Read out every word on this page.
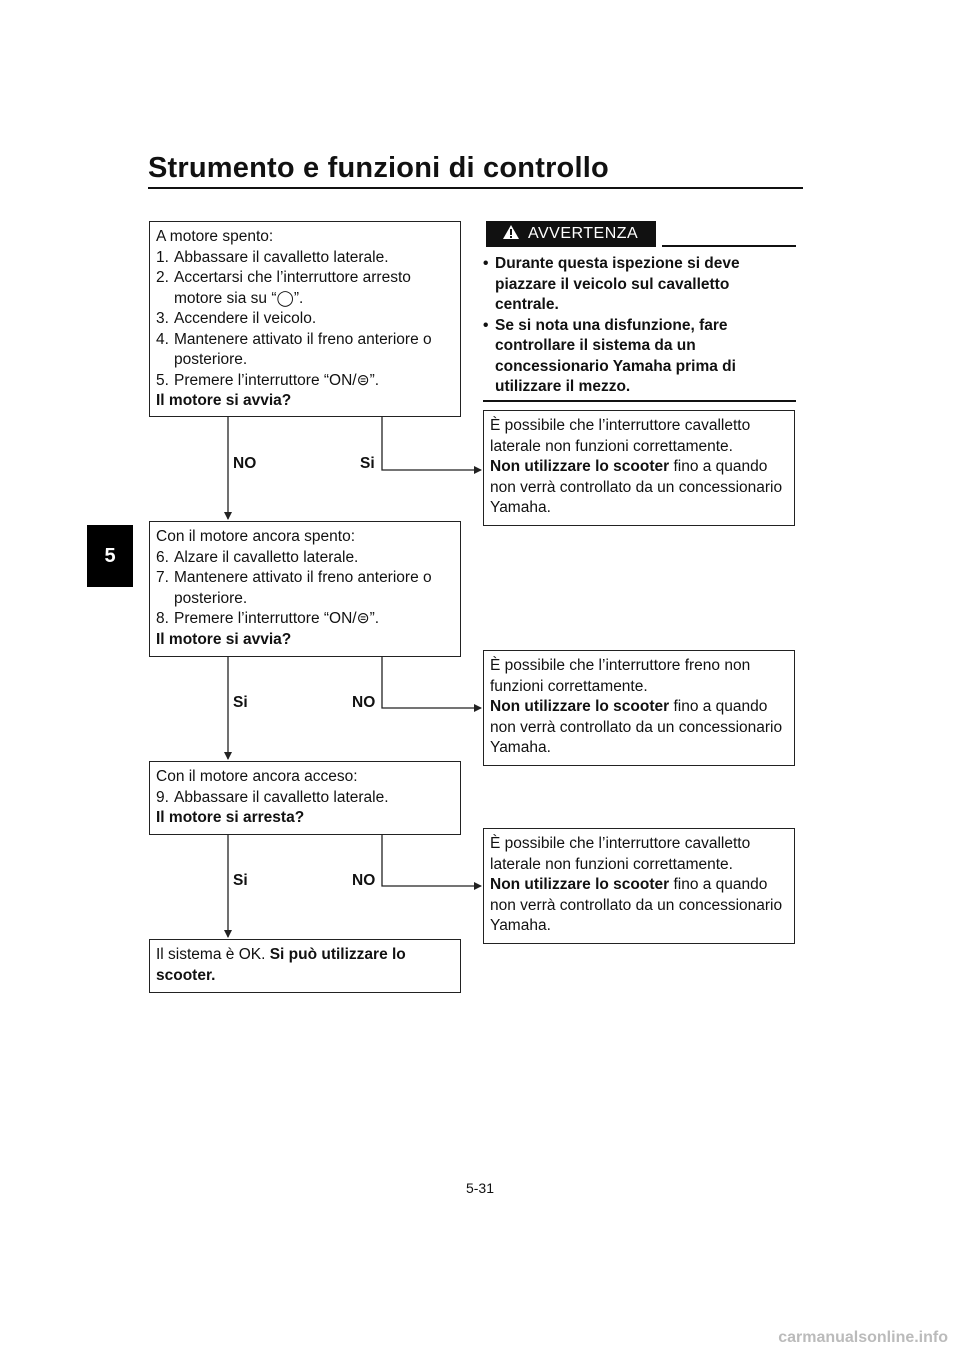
Strumento e funzioni di controllo
5
A motore spento:
1. Abbassare il cavalletto laterale.
2. Accertarsi che l’interruttore arresto motore sia su “◯”.
3. Accendere il veicolo.
4. Mantenere attivato il freno anteriore o posteriore.
5. Premere l’interruttore “ON/⊜”.
Il motore si avvia?
NO	Si
È possibile che l’interruttore cavalletto laterale non funzioni correttamente.
Non utilizzare lo scooter fino a quando non verrà controllato da un concessionario Yamaha.
Con il motore ancora spento:
6. Alzare il cavalletto laterale.
7. Mantenere attivato il freno anteriore o posteriore.
8. Premere l’interruttore “ON/⊜”.
Il motore si avvia?
Si	NO
È possibile che l’interruttore freno non funzioni correttamente.
Non utilizzare lo scooter fino a quando non verrà controllato da un concessionario Yamaha.
Con il motore ancora acceso:
9. Abbassare il cavalletto laterale.
Il motore si arresta?
Si	NO
È possibile che l’interruttore cavalletto laterale non funzioni correttamente.
Non utilizzare lo scooter fino a quando non verrà controllato da un concessionario Yamaha.
Il sistema è OK. Si può utilizzare lo scooter.
AVVERTENZA
• Durante questa ispezione si deve piazzare il veicolo sul cavalletto centrale.
• Se si nota una disfunzione, fare controllare il sistema da un concessionario Yamaha prima di utilizzare il mezzo.
5-31
carmanualsonline.info
